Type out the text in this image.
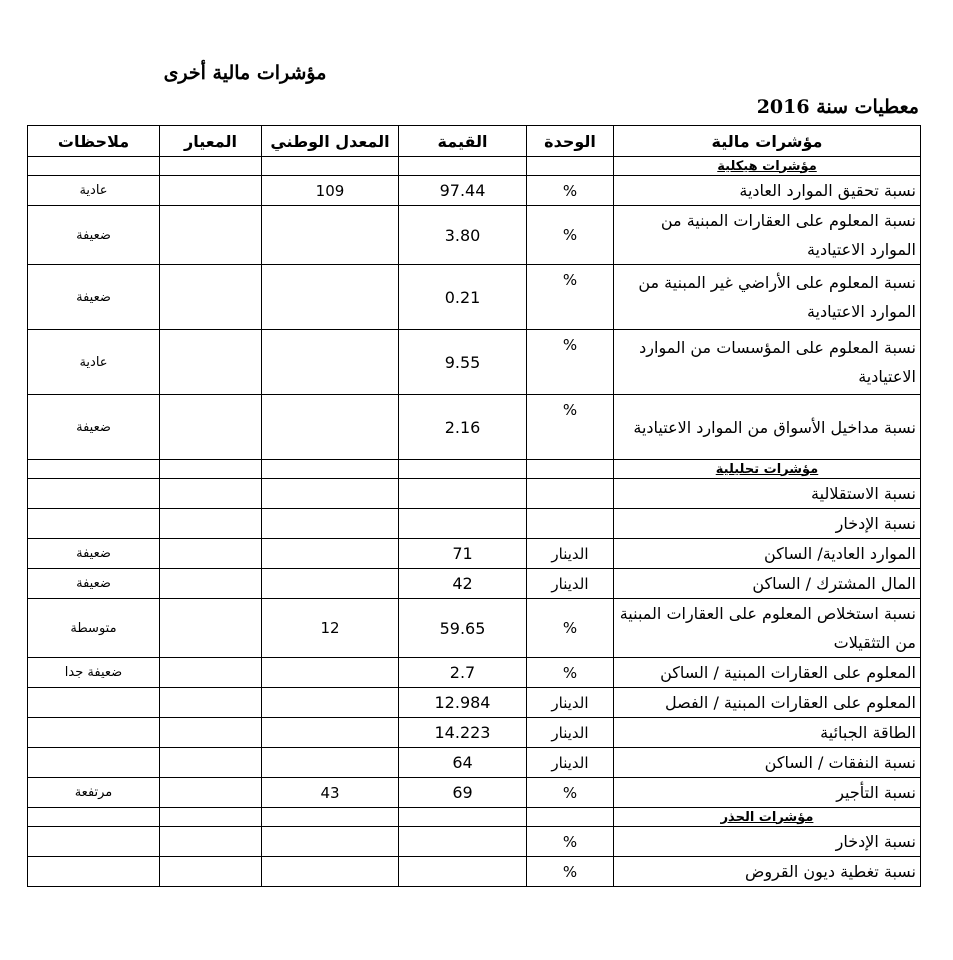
مؤشرات مالية أخرى
معطيات سنة 2016
مؤشرات مالية	الوحدة	القيمة	المعدل الوطني	المعيار	ملاحظات
مؤشرات هيكلية					
نسبة تحقيق الموارد العادية	%	97.44	109		عادية
نسبة المعلوم على العقارات المبنية من الموارد الاعتيادية	%	3.80			ضعيفة
نسبة المعلوم على الأراضي غير المبنية من الموارد الاعتيادية	%	0.21			ضعيفة
نسبة المعلوم على المؤسسات من الموارد الاعتيادية	%	9.55			عادية
نسبة مداخيل الأسواق من الموارد الاعتيادية	%	2.16			ضعيفة
مؤشرات تحليلية					
نسبة الاستقلالية					
نسبة الإدخار					
الموارد العادية/ الساكن	الدينار	71			ضعيفة
المال المشترك / الساكن	الدينار	42			ضعيفة
نسبة استخلاص المعلوم على العقارات المبنية من التثقيلات	%	59.65	12		متوسطة
المعلوم على العقارات المبنية / الساكن	%	2.7			ضعيفة جدا
المعلوم على العقارات المبنية / الفصل	الدينار	12.984			
الطاقة الجبائية	الدينار	14.223			
نسبة النفقات / الساكن	الدينار	64			
نسبة التأجير	%	69	43		مرتفعة
مؤشرات الحذر					
نسبة الإدخار	%				
نسبة تغطية ديون القروض	%				
